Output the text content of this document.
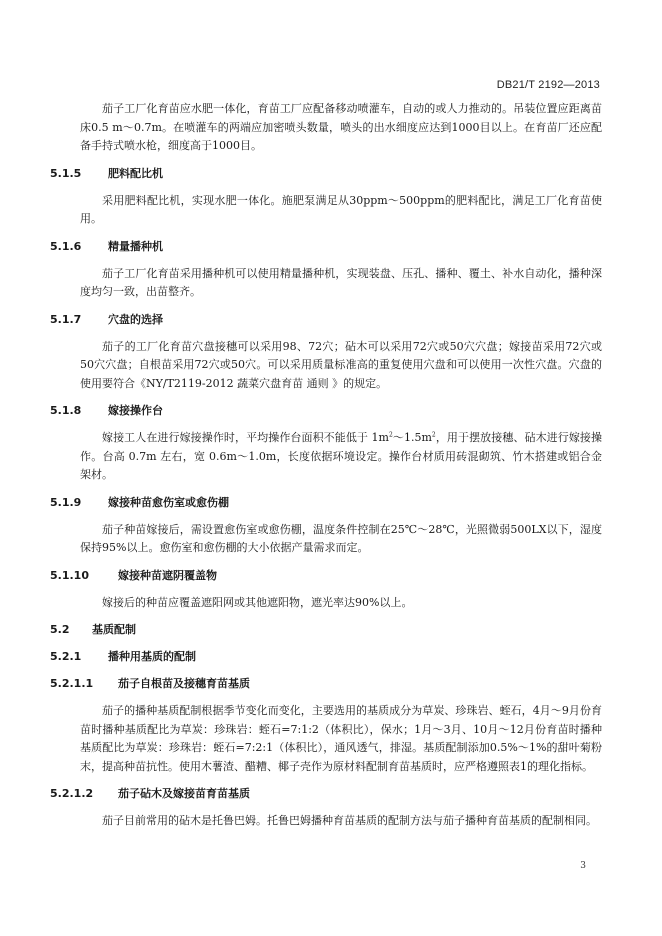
DB21/T 2192—2013

茄子工厂化育苗应水肥一体化，育苗工厂应配备移动喷灌车，自动的或人力推动的。吊装位置应距离苗床0.5 m～0.7m。在喷灌车的两端应加密喷头数量，喷头的出水细度应达到1000目以上。在育苗厂还应配备手持式喷水枪，细度高于1000目。

5.1.5 肥料配比机

采用肥料配比机，实现水肥一体化。施肥泵满足从30ppm～500ppm的肥料配比，满足工厂化育苗使用。

5.1.6 精量播种机

茄子工厂化育苗采用播种机可以使用精量播种机，实现装盘、压孔、播种、覆土、补水自动化，播种深度均匀一致，出苗整齐。

5.1.7 穴盘的选择

茄子的工厂化育苗穴盘接穗可以采用98、72穴；砧木可以采用72穴或50穴穴盘；嫁接苗采用72穴或50穴穴盘；自根苗采用72穴或50穴。可以采用质量标准高的重复使用穴盘和可以使用一次性穴盘。穴盘的使用要符合《NY/T2119-2012 蔬菜穴盘育苗 通则 》的规定。

5.1.8 嫁接操作台

嫁接工人在进行嫁接操作时，平均操作台面积不能低于 $1m^2\sim 1.5m^2$，用于摆放接穗、砧木进行嫁接操作。台高 0.7m 左右，宽 0.6m～1.0m，长度依据环境设定。操作台材质用砖混砌筑、竹木搭建或铝合金架材。

5.1.9 嫁接种苗愈伤室或愈伤棚

茄子种苗嫁接后，需设置愈伤室或愈伤棚，温度条件控制在25℃～28℃，光照微弱500LX以下，湿度保持95%以上。愈伤室和愈伤棚的大小依据产量需求而定。

5.1.10	嫁接种苗遮阴覆盖物

嫁接后的种苗应覆盖遮阳网或其他遮阳物，遮光率达90%以上。

5.2 基质配制

5.2.1 播种用基质的配制

5.2.1.1 茄子自根苗及接穗育苗基质

茄子的播种基质配制根据季节变化而变化，主要选用的基质成分为草炭、珍珠岩、蛭石，4月～9月份育苗时播种基质配比为草炭：珍珠岩：蛭石=7:1:2（体积比），保水；1月～3月、10月～12月份育苗时播种基质配比为草炭：珍珠岩：蛭石=7:2:1（体积比），通风透气，排湿。基质配制添加0.5%～1%的甜叶菊粉末，提高种苗抗性。使用木薯渣、醋糟、椰子壳作为原材料配制育苗基质时，应严格遵照表1的理化指标。

5.2.1.2 茄子砧木及嫁接苗育苗基质

茄子目前常用的砧木是托鲁巴姆。托鲁巴姆播种育苗基质的配制方法与茄子播种育苗基质的配制相同。

3
